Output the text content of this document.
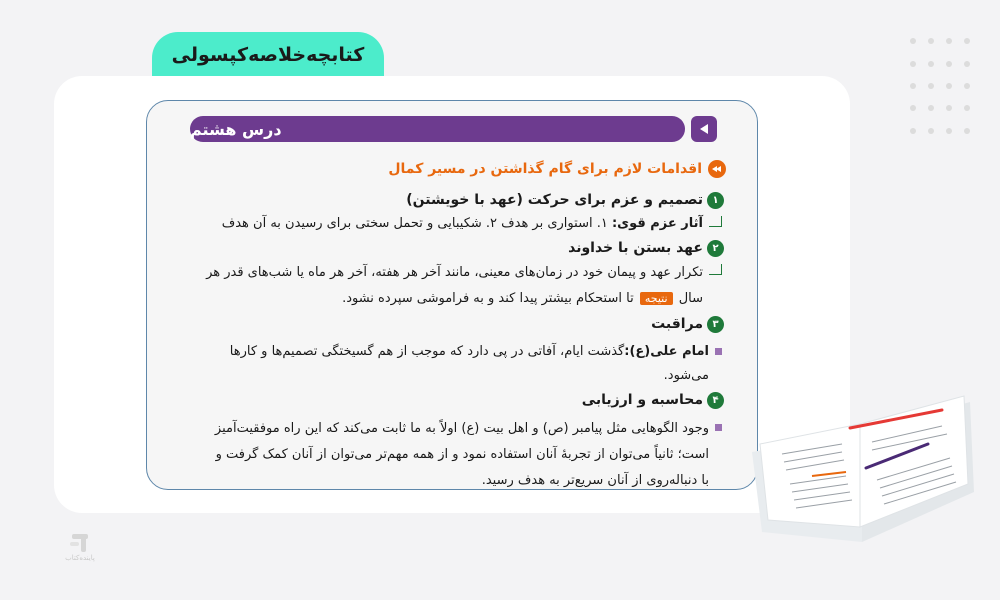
کتابچه‌خلاصه‌کپسولی
درس هشتم
اقدامات لازم برای گام گذاشتن در مسیر کمال
۱
تصمیم و عزم برای حرکت (عهد با خویشتن)
آثار عزم قوی: ۱. استواری بر هدف ۲. شکیبایی و تحمل سختی برای رسیدن به آن هدف
۲
عهد بستن با خداوند
تکرار عهد و پیمان خود در زمان‌های معینی، مانند آخر هر هفته، آخر هر ماه یا شب‌های قدر هر سال نتیجه تا استحکام بیشتر پیدا کند و به فراموشی سپرده نشود.
۳
مراقبت
امام علی(ع):گذشت ایام، آفاتی در پی دارد که موجب از هم گسیختگی تصمیم‌ها و کارها می‌شود.
۴
محاسبه و ارزیابی
وجود الگوهایی مثل پیامبر (ص) و اهل بیت (ع) اولاً به ما ثابت می‌کند که این راه موفقیت‌آمیز است؛ ثانیاً می‌توان از تجربهٔ آنان استفاده نمود و از همه مهم‌تر می‌توان از آنان کمک گرفت و با دنباله‌روی از آنان سریع‌تر به هدف رسید.
پاینده‌کتاب
